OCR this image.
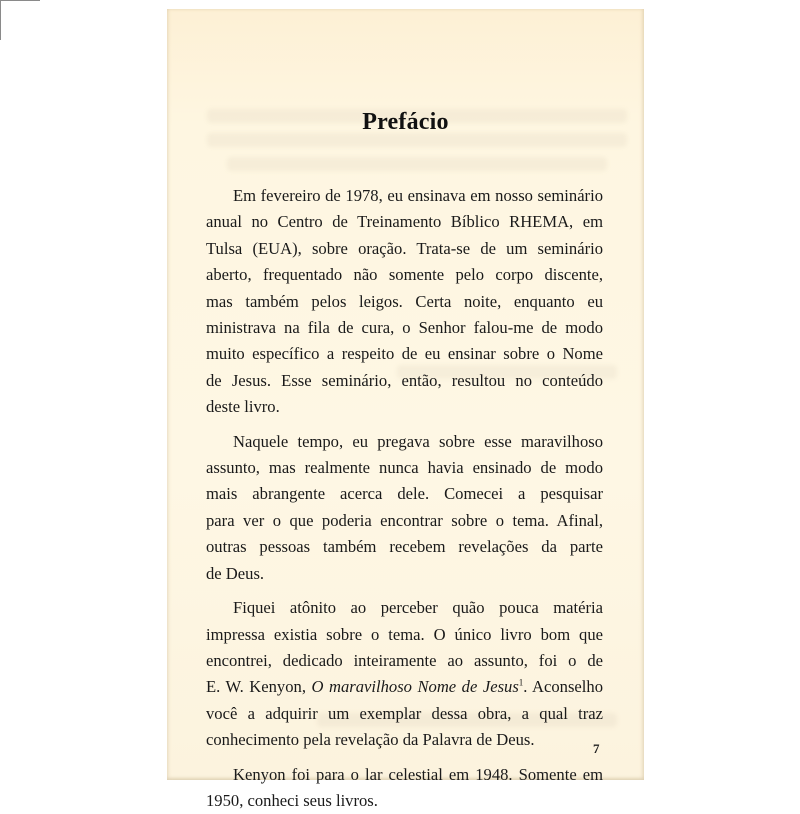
Prefácio
Em fevereiro de 1978, eu ensinava em nosso seminário
anual no Centro de Treinamento Bíblico RHEMA, em
Tulsa (EUA), sobre oração. Trata-se de um seminário
aberto, frequentado não somente pelo corpo discente,
mas também pelos leigos. Certa noite, enquanto eu
ministrava na fila de cura, o Senhor falou-me de modo
muito específico a respeito de eu ensinar sobre o Nome
de Jesus. Esse seminário, então, resultou no conteúdo
deste livro.
Naquele tempo, eu pregava sobre esse maravilhoso
assunto, mas realmente nunca havia ensinado de modo
mais abrangente acerca dele. Comecei a pesquisar
para ver o que poderia encontrar sobre o tema. Afinal,
outras pessoas também recebem revelações da parte
de Deus.
Fiquei atônito ao perceber quão pouca matéria
impressa existia sobre o tema. O único livro bom que
encontrei, dedicado inteiramente ao assunto, foi o de
E. W. Kenyon, O maravilhoso Nome de Jesus$^1$. Aconselho
você a adquirir um exemplar dessa obra, a qual traz
conhecimento pela revelação da Palavra de Deus.
Kenyon foi para o lar celestial em 1948. Somente em
1950, conheci seus livros.
7
